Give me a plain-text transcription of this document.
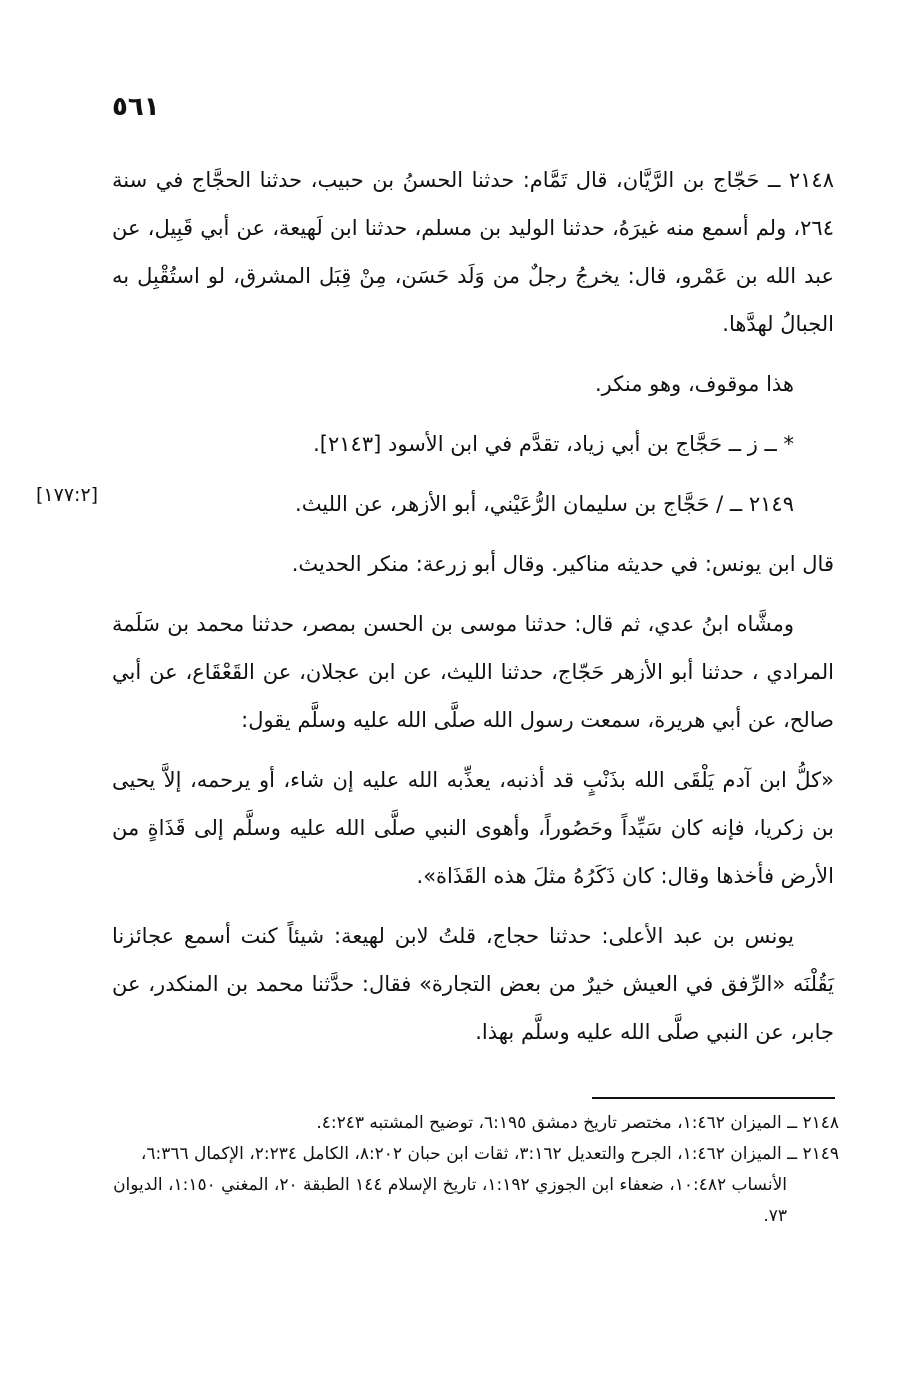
٥٦١
[١٧٧:٢]

٢١٤٨ ــ حَجّاج بن الرَّيَّان، قال تَمَّام: حدثنا الحسنُ بن حبيب، حدثنا الحجَّاج في سنة ٢٦٤، ولم أسمع منه غيرَهُ، حدثنا الوليد بن مسلم، حدثنا ابن لَهيعة، عن أبي قَبِيل، عن عبد الله بن عَمْرو، قال: يخرجُ رجلٌ من وَلَد حَسَن، مِنْ قِبَل المشرق، لو استُقْبِل به الجبالُ لهدَّها.

هذا موقوف، وهو منكر.

* ــ ز ــ حَجَّاج بن أبي زياد، تقدَّم في ابن الأسود [٢١٤٣].

٢١٤٩ ــ / حَجَّاج بن سليمان الرُّعَيْني، أبو الأزهر، عن الليث.

قال ابن يونس: في حديثه مناكير. وقال أبو زرعة: منكر الحديث.

ومشَّاه ابنُ عدي، ثم قال: حدثنا موسى بن الحسن بمصر، حدثنا محمد بن سَلَمة المرادي ، حدثنا أبو الأزهر حَجّاج، حدثنا الليث، عن ابن عجلان، عن القَعْقَاع، عن أبي صالح، عن أبي هريرة، سمعت رسول الله صلَّى الله عليه وسلَّم يقول:

«كلُّ ابن آدم يَلْقَى الله بذَنْبٍ قد أذنبه، يعذِّبه الله عليه إن شاء، أو يرحمه، إلاَّ يحيى بن زكريا، فإنه كان سَيِّداً وحَصُوراً، وأهوى النبي صلَّى الله عليه وسلَّم إلى قَذَاةٍ من الأرض فأخذها وقال: كان ذَكَرُهُ مثلَ هذه القَذَاة».

يونس بن عبد الأعلى: حدثنا حجاج، قلتُ لابن لهيعة: شيئاً كنت أسمع عجائزنا يَقُلْنَه «الرِّفق في العيش خيرٌ من بعض التجارة» فقال: حدَّثنا محمد بن المنكدر، عن جابر، عن النبي صلَّى الله عليه وسلَّم بهذا.

٢١٤٨ ــ الميزان ١:٤٦٢، مختصر تاريخ دمشق ٦:١٩٥، توضيح المشتبه ٤:٢٤٣.

٢١٤٩ ــ الميزان ١:٤٦٢، الجرح والتعديل ٣:١٦٢، ثقات ابن حبان ٨:٢٠٢، الكامل ٢:٢٣٤، الإكمال ٦:٣٦٦، الأنساب ١٠:٤٨٢، ضعفاء ابن الجوزي ١:١٩٢، تاريخ الإسلام ١٤٤ الطبقة ٢٠، المغني ١:١٥٠، الديوان ٧٣.
